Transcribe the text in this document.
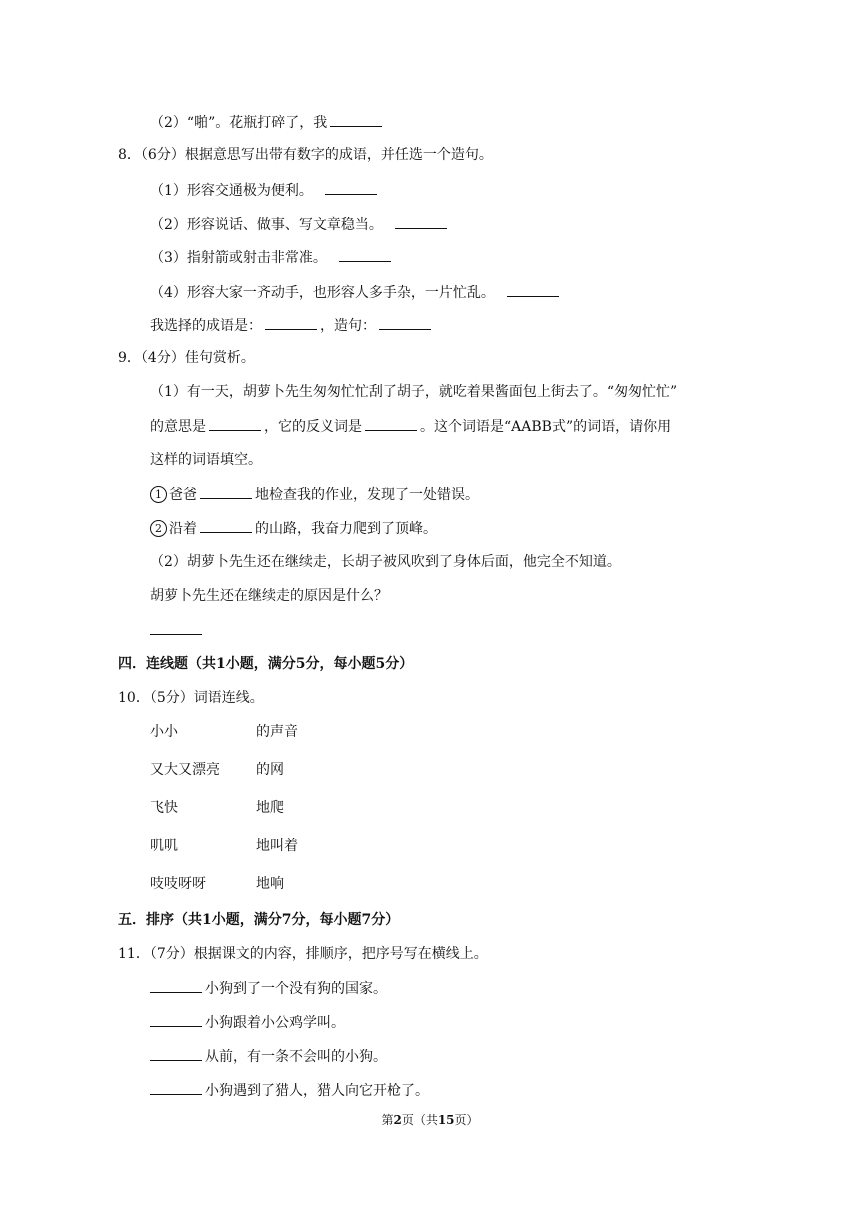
（2）“啪”。花瓶打碎了，我
8．（6分）根据意思写出带有数字的成语，并任选一个造句。
（1）形容交通极为便利。
（2）形容说话、做事、写文章稳当。
（3）指射箭或射击非常准。
（4）形容大家一齐动手，也形容人多手杂，一片忙乱。
我选择的成语是：	，造句：
9．（4分）佳句赏析。
（1）有一天，胡萝卜先生匆匆忙忙刮了胡子，就吃着果酱面包上街去了。“匆匆忙忙”
的意思是	，它的反义词是	。这个词语是“AABB式”的词语，请你用
这样的词语填空。
1 爸爸	地检查我的作业，发现了一处错误。
2 沿着	的山路，我奋力爬到了顶峰。
（2）胡萝卜先生还在继续走，长胡子被风吹到了身体后面，他完全不知道。
胡萝卜先生还在继续走的原因是什么？
四．连线题（共1小题，满分5分，每小题5分）
10．（5分）词语连线。
小小	的声音
又大又漂亮	的网
飞快	地爬
叽叽	地叫着
吱吱呀呀	地响
五．排序（共1小题，满分7分，每小题7分）
11．（7分）根据课文的内容，排顺序，把序号写在横线上。
小狗到了一个没有狗的国家。
小狗跟着小公鸡学叫。
从前，有一条不会叫的小狗。
小狗遇到了猎人，猎人向它开枪了。
第2页（共15页）
